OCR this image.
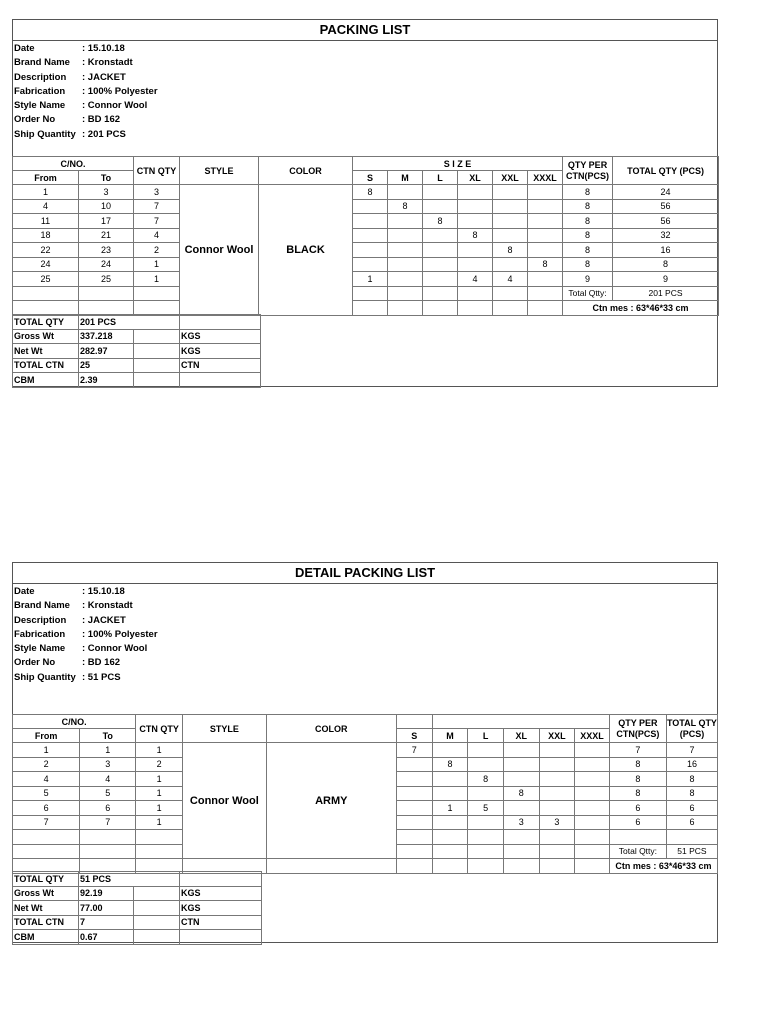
PACKING LIST
Date	: 15.10.18
Brand Name	: Kronstadt
Description	: JACKET
Fabrication	: 100% Polyester
Style Name	: Connor Wool
Order No	: BD 162
Ship Quantity : 201 PCS
C/NO.		CTN QTY	STYLE	COLOR	S I Z E						QTY PER CTN(PCS)	TOTAL QTY (PCS)
From	To				S	M	L	XL	XXL	XXXL		
1	3	3	Connor Wool	BLACK	8						8	24
4	10	7				8					8	56
11	17	7					8				8	56
18	21	4						8			8	32
22	23	2							8		8	16
24	24	1								8	8	8
25	25	1			1			4	4		9	9
											Total Qtty:	201 PCS
											Ctn mes : 63*46*33 cm	
TOTAL QTY	201 PCS		
Gross Wt	337.218		KGS
Net Wt	282.97		KGS
TOTAL CTN	25		CTN
CBM	2.39		
DETAIL PACKING LIST
Date	: 15.10.18
Brand Name	: Kronstadt
Description	: JACKET
Fabrication	: 100% Polyester
Style Name	: Connor Wool
Order No	: BD 162
Ship Quantity : 51 PCS
C/NO.		CTN QTY	STYLE	COLOR							QTY PER CTN(PCS)	TOTAL QTY (PCS)
From	To				S	M	L	XL	XXL	XXXL		
1	1	1	Connor Wool	ARMY	7						7	7
2	3	2				8					8	16
4	4	1					8				8	8
5	5	1						8			8	8
6	6	1				1	5				6	6
7	7	1						3	3		6	6

											Total Qtty:	51 PCS
											Ctn mes : 63*46*33 cm	
TOTAL QTY	51 PCS		
Gross Wt	92.19		KGS
Net Wt	77.00		KGS
TOTAL CTN	7		CTN
CBM	0.67		
